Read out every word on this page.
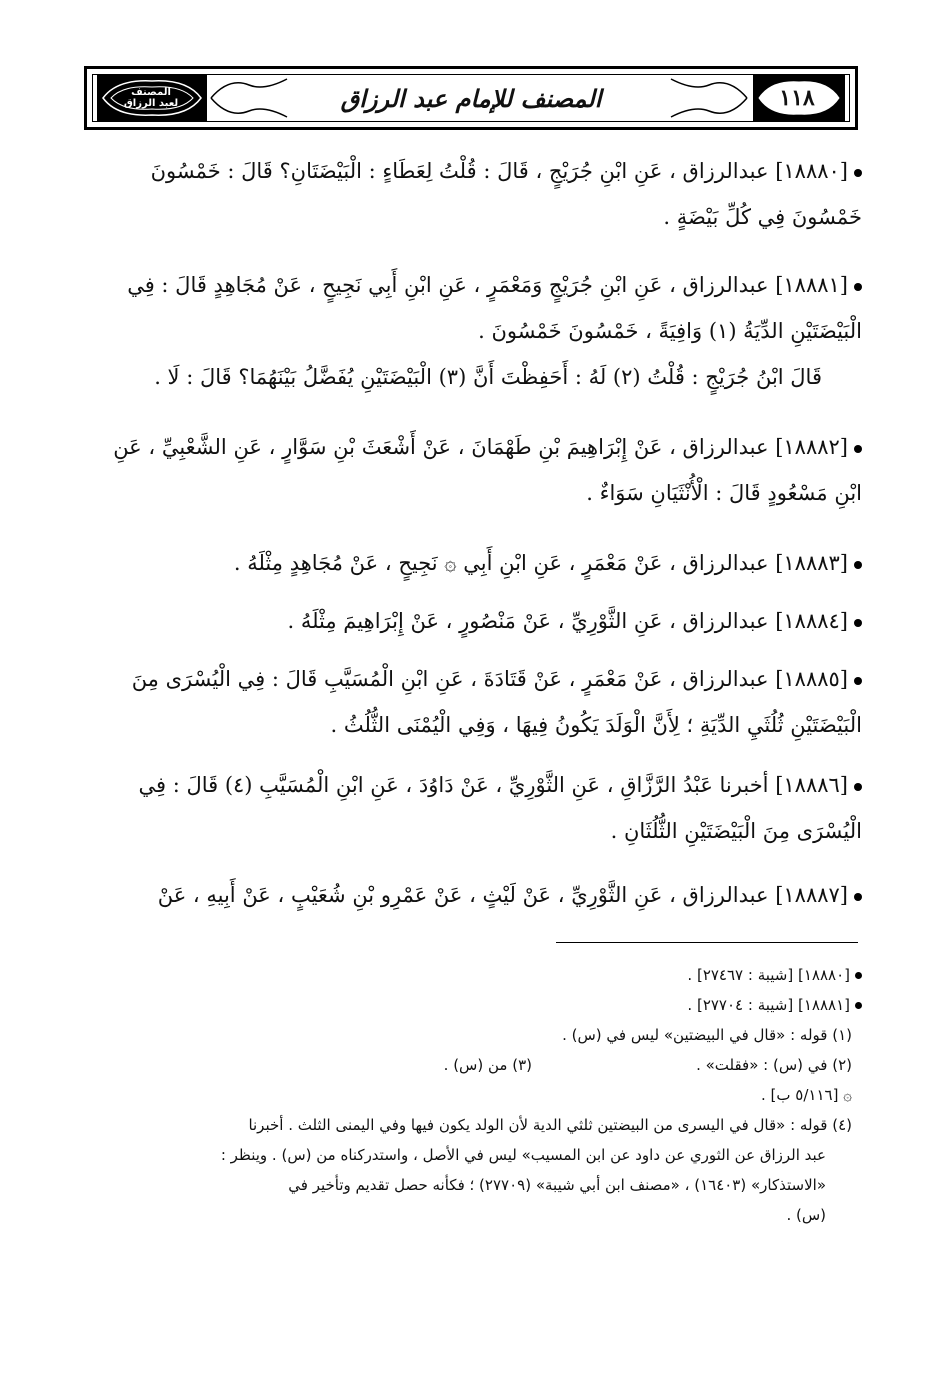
المصنف
لعبد الرزاق	المصنف للإمام عبد الرزاق	١١٨

[١٨٨٨٠] عبدالرزاق ، عَنِ ابْنِ جُرَيْجٍ ، قَالَ : قُلْتُ لِعَطَاءٍ : الْبَيْضَتَانِ؟ قَالَ : خَمْسُونَ

خَمْسُونَ فِي كُلِّ بَيْضَةٍ .

[١٨٨٨١] عبدالرزاق ، عَنِ ابْنِ جُرَيْجٍ وَمَعْمَرٍ ، عَنِ ابْنِ أَبِي نَجِيحٍ ، عَنْ مُجَاهِدٍ قَالَ : فِي

الْبَيْضَتَيْنِ الدِّيَةُ (١) وَافِيَةً ، خَمْسُونَ خَمْسُونَ .

قَالَ ابْنُ جُرَيْجٍ : قُلْتُ (٢) لَهُ : أَحَفِظْتَ أَنَّ (٣) الْبَيْضَتَيْنِ يُفَضَّلُ بَيْنَهُمَا؟ قَالَ : لَا .

[١٨٨٨٢] عبدالرزاق ، عَنْ إِبْرَاهِيمَ بْنِ طَهْمَانَ ، عَنْ أَشْعَثَ بْنِ سَوَّارٍ ، عَنِ الشَّعْبِيِّ ، عَنِ

ابْنِ مَسْعُودٍ قَالَ : الْأُنْثَيَانِ سَوَاءٌ .

[١٨٨٨٣] عبدالرزاق ، عَنْ مَعْمَرٍ ، عَنِ ابْنِ أَبِي ۞ نَجِيحٍ ، عَنْ مُجَاهِدٍ مِثْلَهُ .

[١٨٨٨٤] عبدالرزاق ، عَنِ الثَّوْرِيِّ ، عَنْ مَنْصُورٍ ، عَنْ إِبْرَاهِيمَ مِثْلَهُ .

[١٨٨٨٥] عبدالرزاق ، عَنْ مَعْمَرٍ ، عَنْ قَتَادَةَ ، عَنِ ابْنِ الْمُسَيَّبِ قَالَ : فِي الْيُسْرَى مِنَ

الْبَيْضَتَيْنِ ثُلُثَيِ الدِّيَةِ ؛ لِأَنَّ الْوَلَدَ يَكُونُ فِيهَا ، وَفِي الْيُمْنَى الثُّلُثُ .

[١٨٨٨٦] أخبرنا عَبْدُ الرَّزَّاقِ ، عَنِ الثَّوْرِيِّ ، عَنْ دَاوُدَ ، عَنِ ابْنِ الْمُسَيَّبِ (٤) قَالَ : فِي

الْيُسْرَى مِنَ الْبَيْضَتَيْنِ الثُّلُثَانِ .

[١٨٨٨٧] عبدالرزاق ، عَنِ الثَّوْرِيِّ ، عَنْ لَيْثٍ ، عَنْ عَمْرِو بْنِ شُعَيْبٍ ، عَنْ أَبِيهِ ، عَنْ

[١٨٨٨٠] [شيبة : ٢٧٤٦٧] .

[١٨٨٨١] [شيبة : ٢٧٧٠٤] .

(١) قوله : «قال في البيضتين» ليس في (س) .

(٢) في (س) : «فقلت» .
(٣) من (س) .

۞ [٥/١١٦ ب] .

(٤) قوله : «قال في اليسرى من البيضتين ثلثي الدية لأن الولد يكون فيها وفي اليمنى الثلث . أخبرنا

عبد الرزاق عن الثوري عن داود عن ابن المسيب» ليس في الأصل ، واستدركناه من (س) . وينظر :

«الاستذكار» (١٦٤٠٣) ، «مصنف ابن أبي شيبة» (٢٧٧٠٩) ؛ فكأنه حصل تقديم وتأخير في

(س) .
